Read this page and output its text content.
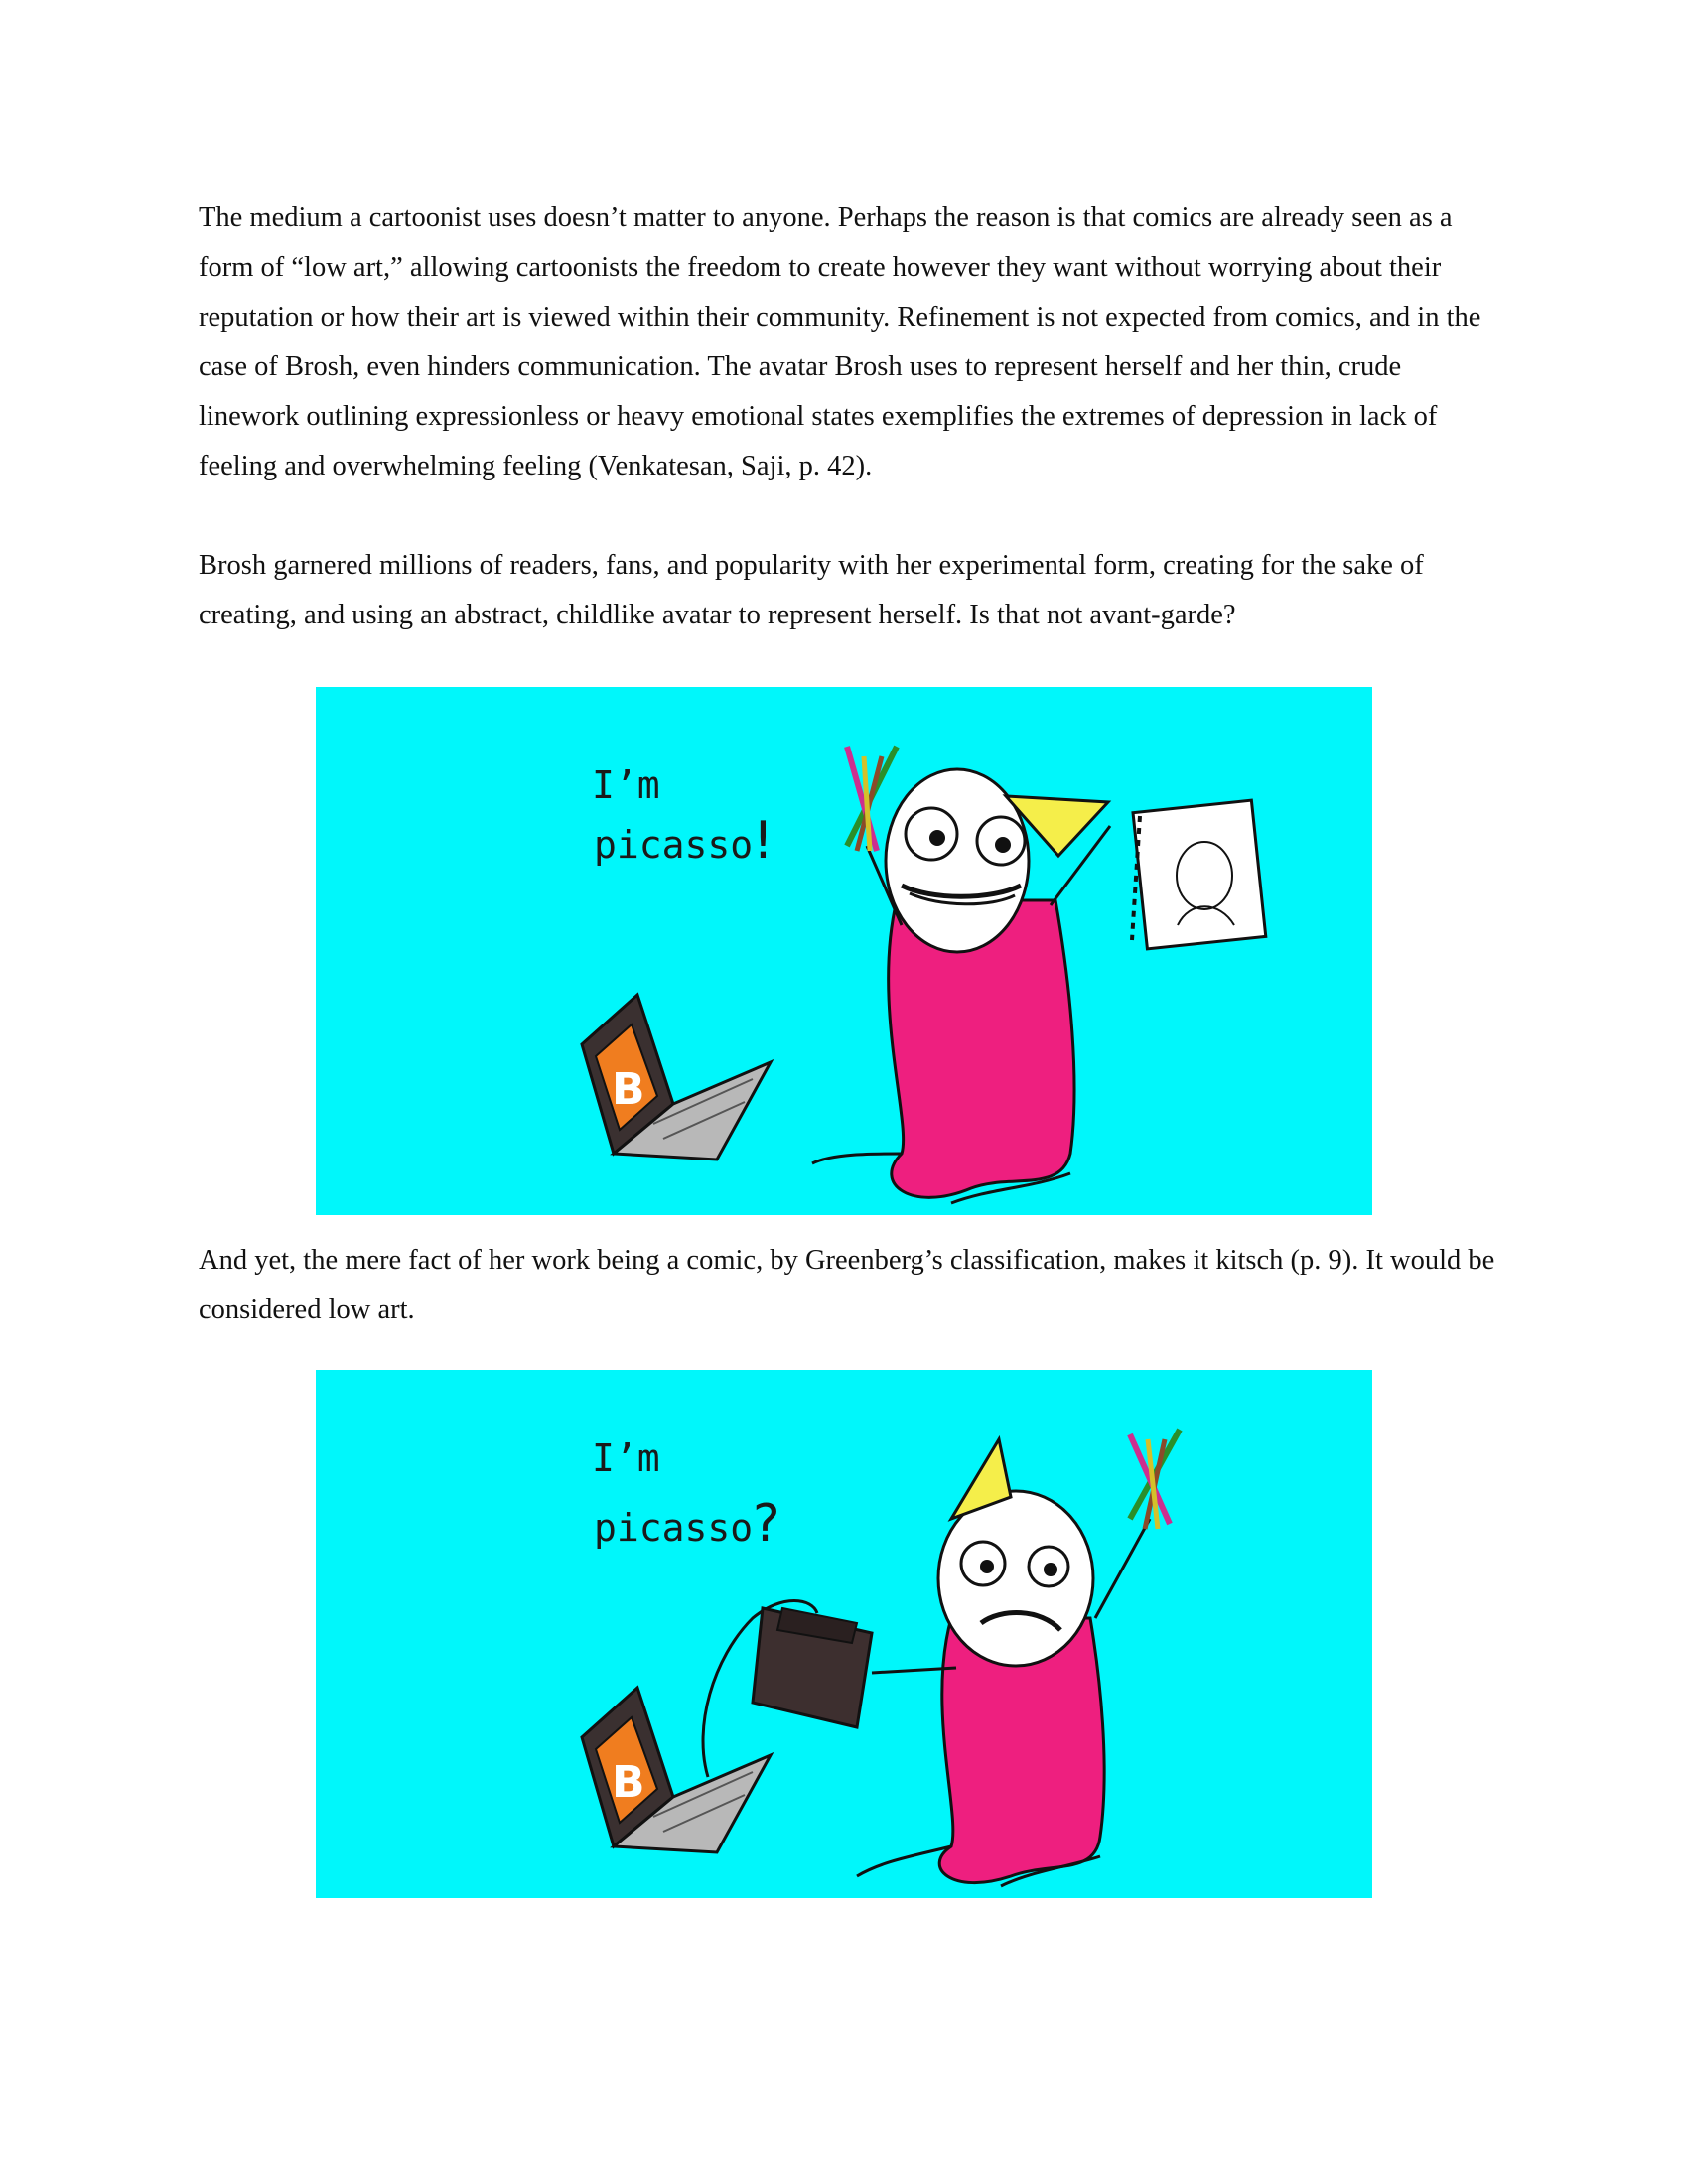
The medium a cartoonist uses doesn’t matter to anyone. Perhaps the reason is that comics are already seen as a form of “low art,” allowing cartoonists the freedom to create however they want without worrying about their reputation or how their art is viewed within their community. Refinement is not expected from comics, and in the case of Brosh, even hinders communication. The avatar Brosh uses to represent herself and her thin, crude linework outlining expressionless or heavy emotional states exemplifies the extremes of depression in lack of feeling and overwhelming feeling (Venkatesan, Saji, p. 42).

Brosh garnered millions of readers, fans, and popularity with her experimental form, creating for the sake of creating, and using an abstract, childlike avatar to represent herself. Is that not avant-garde?

I’m
picasso !
B

And yet, the mere fact of her work being a comic, by Greenberg’s classification, makes it kitsch (p. 9). It would be considered low art.

I’m
picasso ?
B
